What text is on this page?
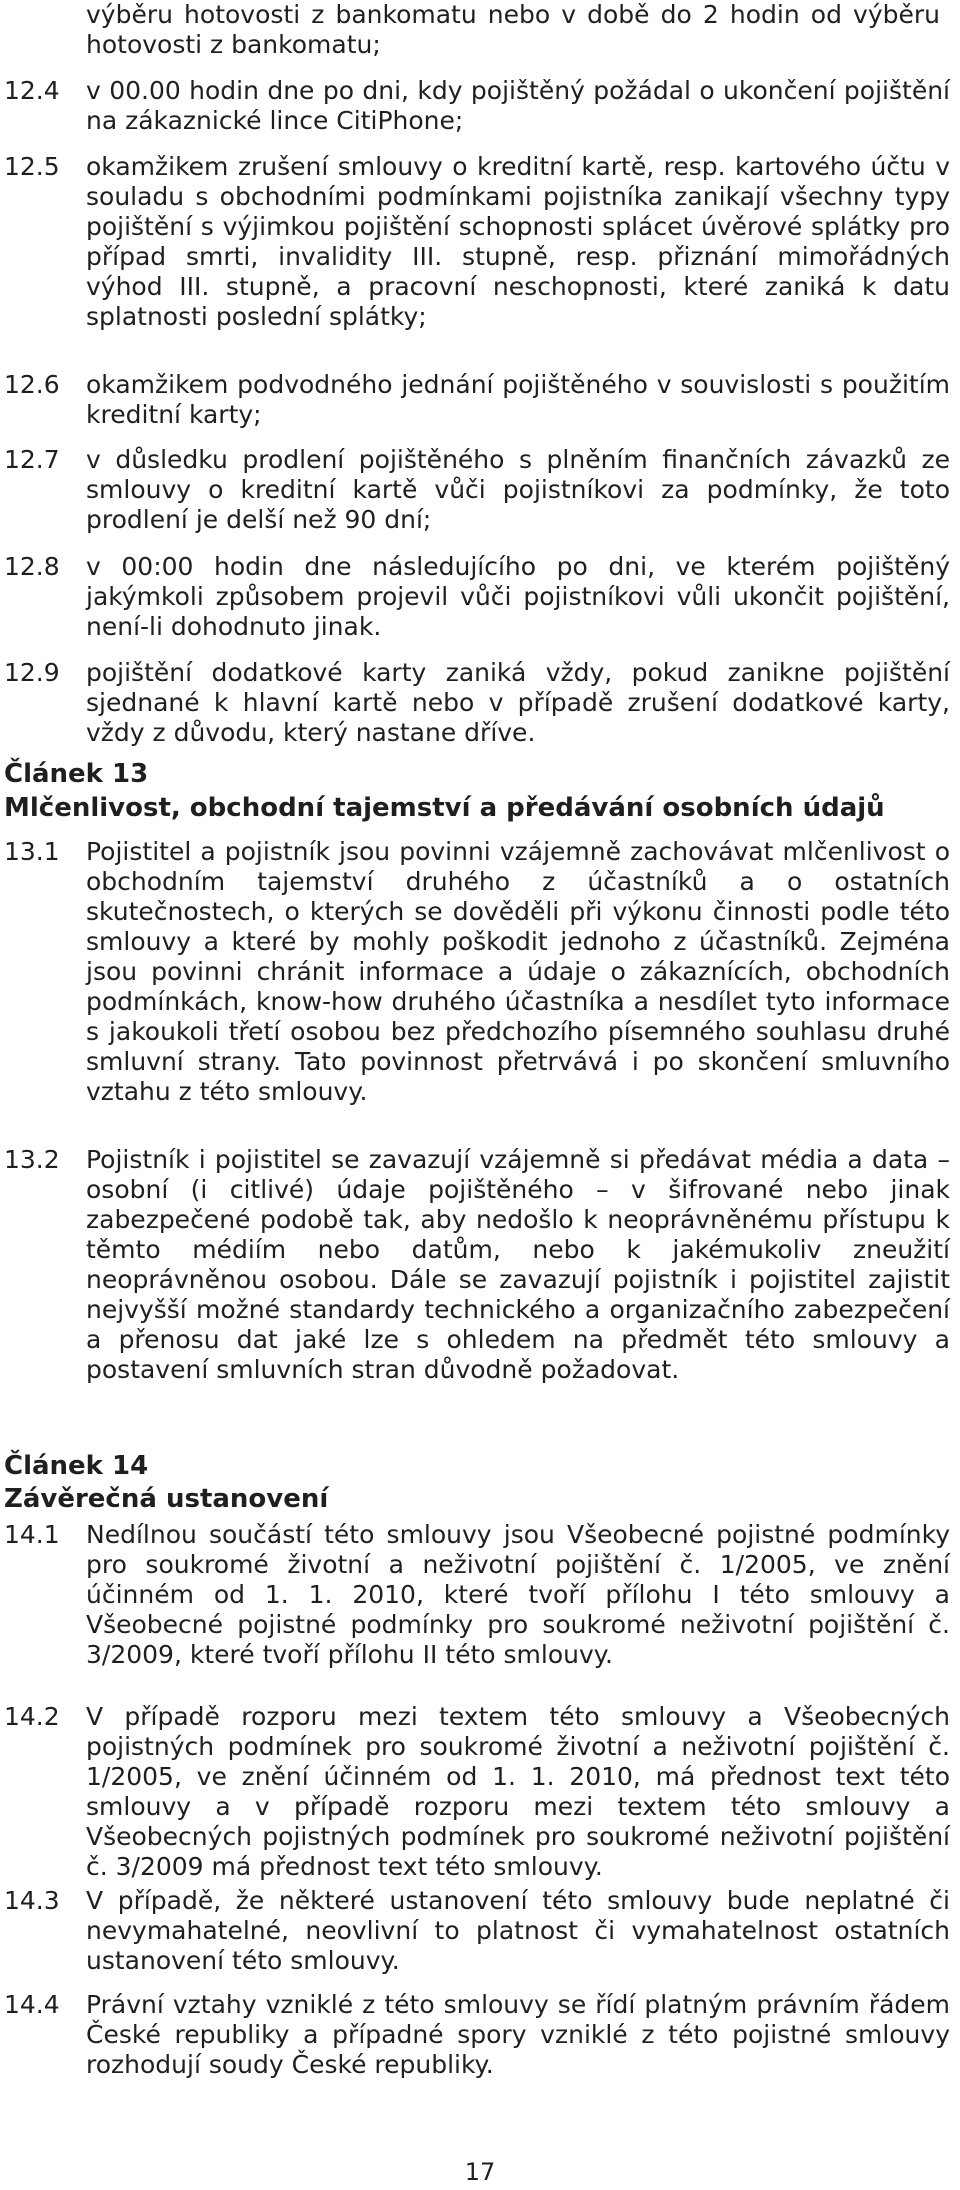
výběru hotovosti z bankomatu nebo v době do 2 hodin od výběru hotovosti z bankomatu;
12.4	v 00.00 hodin dne po dni, kdy pojištěný požádal o ukončení pojištění na zákaznické lince CitiPhone;
12.5	okamžikem zrušení smlouvy o kreditní kartě, resp. kartového účtu v souladu s obchodními podmínkami pojistníka zanikají všechny typy pojištění s výjimkou pojištění schopnosti splácet úvěrové splátky pro případ smrti, invalidity III. stupně, resp. přiznání mimořádných výhod III. stupně, a pracovní neschopnosti, které zaniká k datu splatnosti poslední splátky;
12.6	okamžikem podvodného jednání pojištěného v souvislosti s použitím kreditní karty;
12.7	v důsledku prodlení pojištěného s plněním finančních závazků ze smlouvy o kreditní kartě vůči pojistníkovi za podmínky, že toto prodlení je delší než 90 dní;
12.8	v 00:00 hodin dne následujícího po dni, ve kterém pojištěný jakýmkoli způsobem projevil vůči pojistníkovi vůli ukončit pojištění, není-li dohodnuto jinak.
12.9	pojištění dodatkové karty zaniká vždy, pokud zanikne pojištění sjednané k hlavní kartě nebo v případě zrušení dodatkové karty, vždy z důvodu, který nastane dříve.
Článek 13
Mlčenlivost, obchodní tajemství a předávání osobních údajů
13.1	Pojistitel a pojistník jsou povinni vzájemně zachovávat mlčenlivost o obchodním tajemství druhého z účastníků a o ostatních skutečnostech, o kterých se dověděli při výkonu činnosti podle této smlouvy a které by mohly poškodit jednoho z účastníků. Zejména jsou povinni chránit informace a údaje o zákaznících, obchodních podmínkách, know-how druhého účastníka a nesdílet tyto informace s jakoukoli třetí osobou bez předchozího písemného souhlasu druhé smluvní strany. Tato povinnost přetrvává i po skončení smluvního vztahu z této smlouvy.
13.2	Pojistník i pojistitel se zavazují vzájemně si předávat média a data – osobní (i citlivé) údaje pojištěného – v šifrované nebo jinak zabezpečené podobě tak, aby nedošlo k neoprávněnému přístupu k těmto médiím nebo datům, nebo k jakémukoliv zneužití neoprávněnou osobou. Dále se zavazují pojistník i pojistitel zajistit nejvyšší možné standardy technického a organizačního zabezpečení a přenosu dat jaké lze s ohledem na předmět této smlouvy a postavení smluvních stran důvodně požadovat.
Článek 14
Závěrečná ustanovení
14.1	Nedílnou součástí této smlouvy jsou Všeobecné pojistné podmínky pro soukromé životní a neživotní pojištění č. 1/2005, ve znění účinném od 1. 1. 2010, které tvoří přílohu I této smlouvy a Všeobecné pojistné podmínky pro soukromé neživotní pojištění č. 3/2009, které tvoří přílohu II této smlouvy.
14.2	V případě rozporu mezi textem této smlouvy a Všeobecných pojistných podmínek pro soukromé životní a neživotní pojištění č. 1/2005, ve znění účinném od 1. 1. 2010, má přednost text této smlouvy a v případě rozporu mezi textem této smlouvy a Všeobecných pojistných podmínek pro soukromé neživotní pojištění č. 3/2009 má přednost text této smlouvy.
14.3	V případě, že některé ustanovení této smlouvy bude neplatné či nevymahatelné, neovlivní to platnost či vymahatelnost ostatních ustanovení této smlouvy.
14.4	Právní vztahy vzniklé z této smlouvy se řídí platným právním řádem České republiky a případné spory vzniklé z této pojistné smlouvy rozhodují soudy České republiky.
17
